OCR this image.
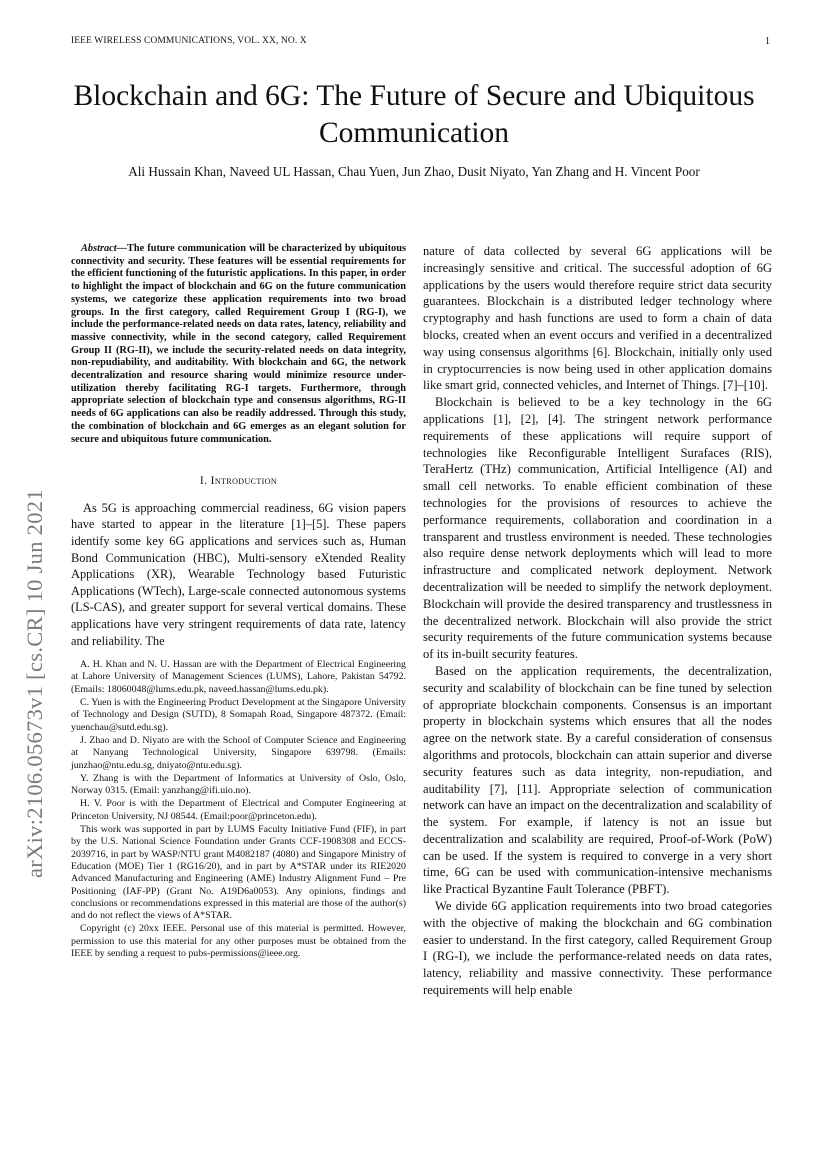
IEEE WIRELESS COMMUNICATIONS, VOL. XX, NO. X	1
arXiv:2106.05673v1 [cs.CR] 10 Jun 2021
Blockchain and 6G: The Future of Secure and Ubiquitous Communication
Ali Hussain Khan, Naveed UL Hassan, Chau Yuen, Jun Zhao, Dusit Niyato, Yan Zhang and H. Vincent Poor

Abstract—The future communication will be characterized by ubiquitous connectivity and security. These features will be essential requirements for the efficient functioning of the futuristic applications. In this paper, in order to highlight the impact of blockchain and 6G on the future communication systems, we categorize these application requirements into two broad groups. In the first category, called Requirement Group I (RG-I), we include the performance-related needs on data rates, latency, reliability and massive connectivity, while in the second category, called Requirement Group II (RG-II), we include the security-related needs on data integrity, non-repudiability, and auditability. With blockchain and 6G, the network decentralization and resource sharing would minimize resource under-utilization thereby facilitating RG-I targets. Furthermore, through appropriate selection of blockchain type and consensus algorithms, RG-II needs of 6G applications can also be readily addressed. Through this study, the combination of blockchain and 6G emerges as an elegant solution for secure and ubiquitous future communication.

I. Introduction

As 5G is approaching commercial readiness, 6G vision papers have started to appear in the literature [1]–[5]. These papers identify some key 6G applications and services such as, Human Bond Communication (HBC), Multi-sensory eXtended Reality Applications (XR), Wearable Technology based Futuristic Applications (WTech), Large-scale connected autonomous systems (LS-CAS), and greater support for several vertical domains. These applications have very stringent requirements of data rate, latency and reliability. The

A. H. Khan and N. U. Hassan are with the Department of Electrical Engineering at Lahore University of Management Sciences (LUMS), Lahore, Pakistan 54792. (Emails: 18060048@lums.edu.pk, naveed.hassan@lums.edu.pk).

C. Yuen is with the Engineering Product Development at the Singapore University of Technology and Design (SUTD), 8 Somapah Road, Singapore 487372. (Email: yuenchau@sutd.edu.sg).

J. Zhao and D. Niyato are with the School of Computer Science and Engineering at Nanyang Technological University, Singapore 639798. (Emails: junzhao@ntu.edu.sg, dniyato@ntu.edu.sg).

Y. Zhang is with the Department of Informatics at University of Oslo, Oslo, Norway 0315. (Email: yanzhang@ifi.uio.no).

H. V. Poor is with the Department of Electrical and Computer Engineering at Princeton University, NJ 08544. (Email:poor@princeton.edu).

This work was supported in part by LUMS Faculty Initiative Fund (FIF), in part by the U.S. National Science Foundation under Grants CCF-1908308 and ECCS-2039716, in part by WASP/NTU grant M4082187 (4080) and Singapore Ministry of Education (MOE) Tier 1 (RG16/20), and in part by A*STAR under its RIE2020 Advanced Manufacturing and Engineering (AME) Industry Alignment Fund – Pre Positioning (IAF-PP) (Grant No. A19D6a0053). Any opinions, findings and conclusions or recommendations expressed in this material are those of the author(s) and do not reflect the views of A*STAR.

Copyright (c) 20xx IEEE. Personal use of this material is permitted. However, permission to use this material for any other purposes must be obtained from the IEEE by sending a request to pubs-permissions@ieee.org.

nature of data collected by several 6G applications will be increasingly sensitive and critical. The successful adoption of 6G applications by the users would therefore require strict data security guarantees. Blockchain is a distributed ledger technology where cryptography and hash functions are used to form a chain of data blocks, created when an event occurs and verified in a decentralized way using consensus algorithms [6]. Blockchain, initially only used in cryptocurrencies is now being used in other application domains like smart grid, connected vehicles, and Internet of Things. [7]–[10].

Blockchain is believed to be a key technology in the 6G applications [1], [2], [4]. The stringent network performance requirements of these applications will require support of technologies like Reconfigurable Intelligent Surafaces (RIS), TeraHertz (THz) communication, Artificial Intelligence (AI) and small cell networks. To enable efficient combination of these technologies for the provisions of resources to achieve the performance requirements, collaboration and coordination in a transparent and trustless environment is needed. These technologies also require dense network deployments which will lead to more infrastructure and complicated network deployment. Network decentralization will be needed to simplify the network deployment. Blockchain will provide the desired transparency and trustlessness in the decentralized network. Blockchain will also provide the strict security requirements of the future communication systems because of its in-built security features.

Based on the application requirements, the decentralization, security and scalability of blockchain can be fine tuned by selection of appropriate blockchain components. Consensus is an important property in blockchain systems which ensures that all the nodes agree on the network state. By a careful consideration of consensus algorithms and protocols, blockchain can attain superior and diverse security features such as data integrity, non-repudiation, and auditability [7], [11]. Appropriate selection of communication network can have an impact on the decentralization and scalability of the system. For example, if latency is not an issue but decentralization and scalability are required, Proof-of-Work (PoW) can be used. If the system is required to converge in a very short time, 6G can be used with communication-intensive mechanisms like Practical Byzantine Fault Tolerance (PBFT).

We divide 6G application requirements into two broad categories with the objective of making the blockchain and 6G combination easier to understand. In the first category, called Requirement Group I (RG-I), we include the performance-related needs on data rates, latency, reliability and massive connectivity. These performance requirements will help enable
